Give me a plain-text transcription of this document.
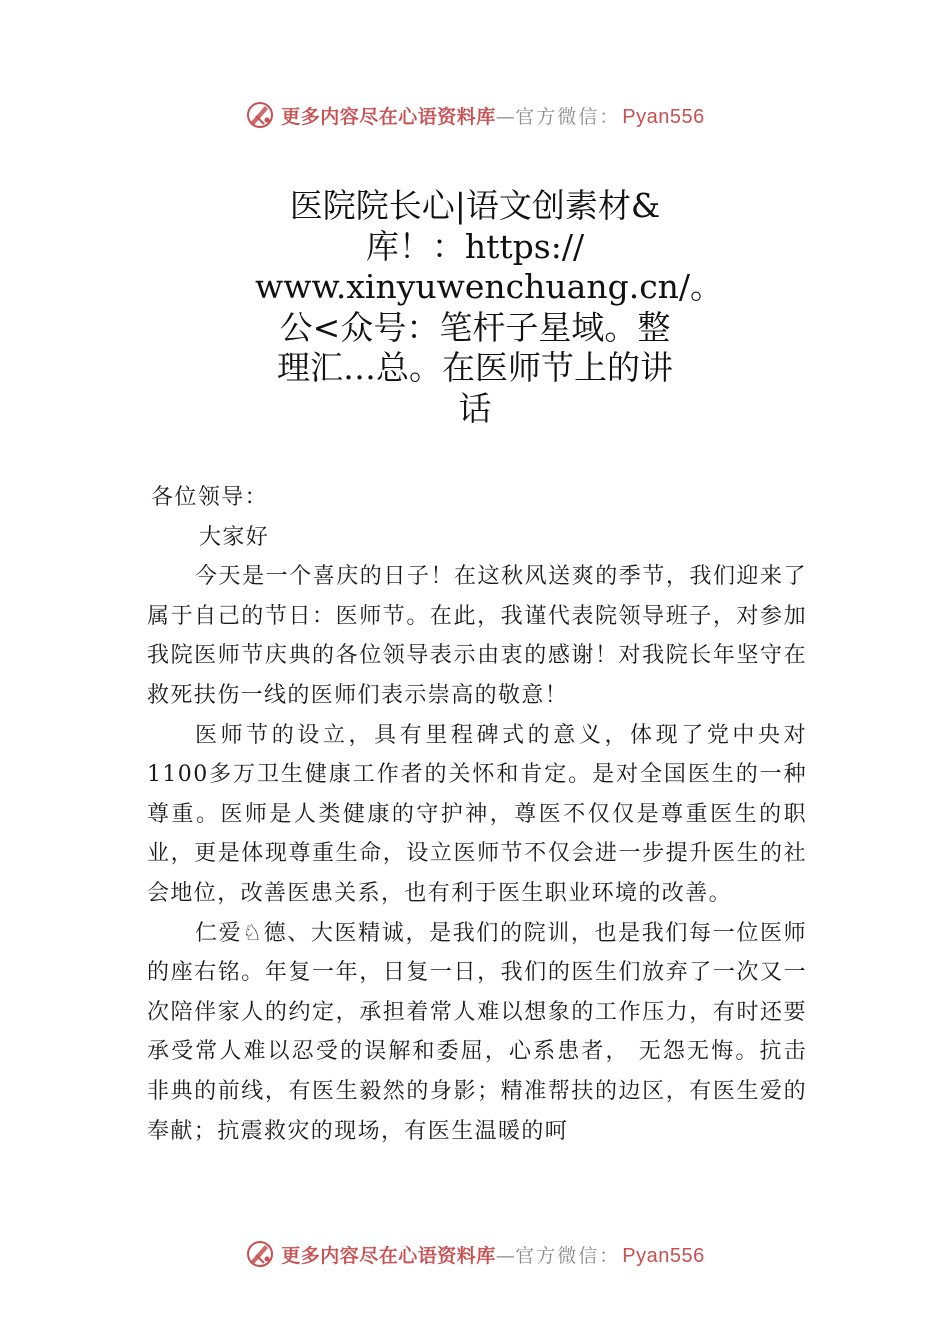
更多内容尽在心语资料库 — 官方微信： Pyan556
医院院长心|语文创素材&
库！：https://
www.xinyuwenchuang.cn/。
公<众号：笔杆子星域。整
理汇…总。在医师节上的讲
话

各位领导：

大家好

今天是一个喜庆的日子！在这秋风送爽的季节，我们迎来了属于自己的节日：医师节。在此，我谨代表院领导班子，对参加我院医师节庆典的各位领导表示由衷的感谢！对我院长年坚守在救死扶伤一线的医师们表示崇高的敬意！

医师节的设立，具有里程碑式的意义，体现了党中央对1100多万卫生健康工作者的关怀和肯定。是对全国医生的一种尊重。医师是人类健康的守护神，尊医不仅仅是尊重医生的职业，更是体现尊重生命，设立医师节不仅会进一步提升医生的社会地位，改善医患关系，也有利于医生职业环境的改善。

仁爱♘德、大医精诚，是我们的院训，也是我们每一位医师的座右铭。年复一年，日复一日，我们的医生们放弃了一次又一次陪伴家人的约定，承担着常人难以想象的工作压力，有时还要承受常人难以忍受的误解和委屈，心系患者， 无怨无悔。抗击非典的前线，有医生毅然的身影；精准帮扶的边区，有医生爱的奉献；抗震救灾的现场，有医生温暖的呵

更多内容尽在心语资料库 — 官方微信： Pyan556
